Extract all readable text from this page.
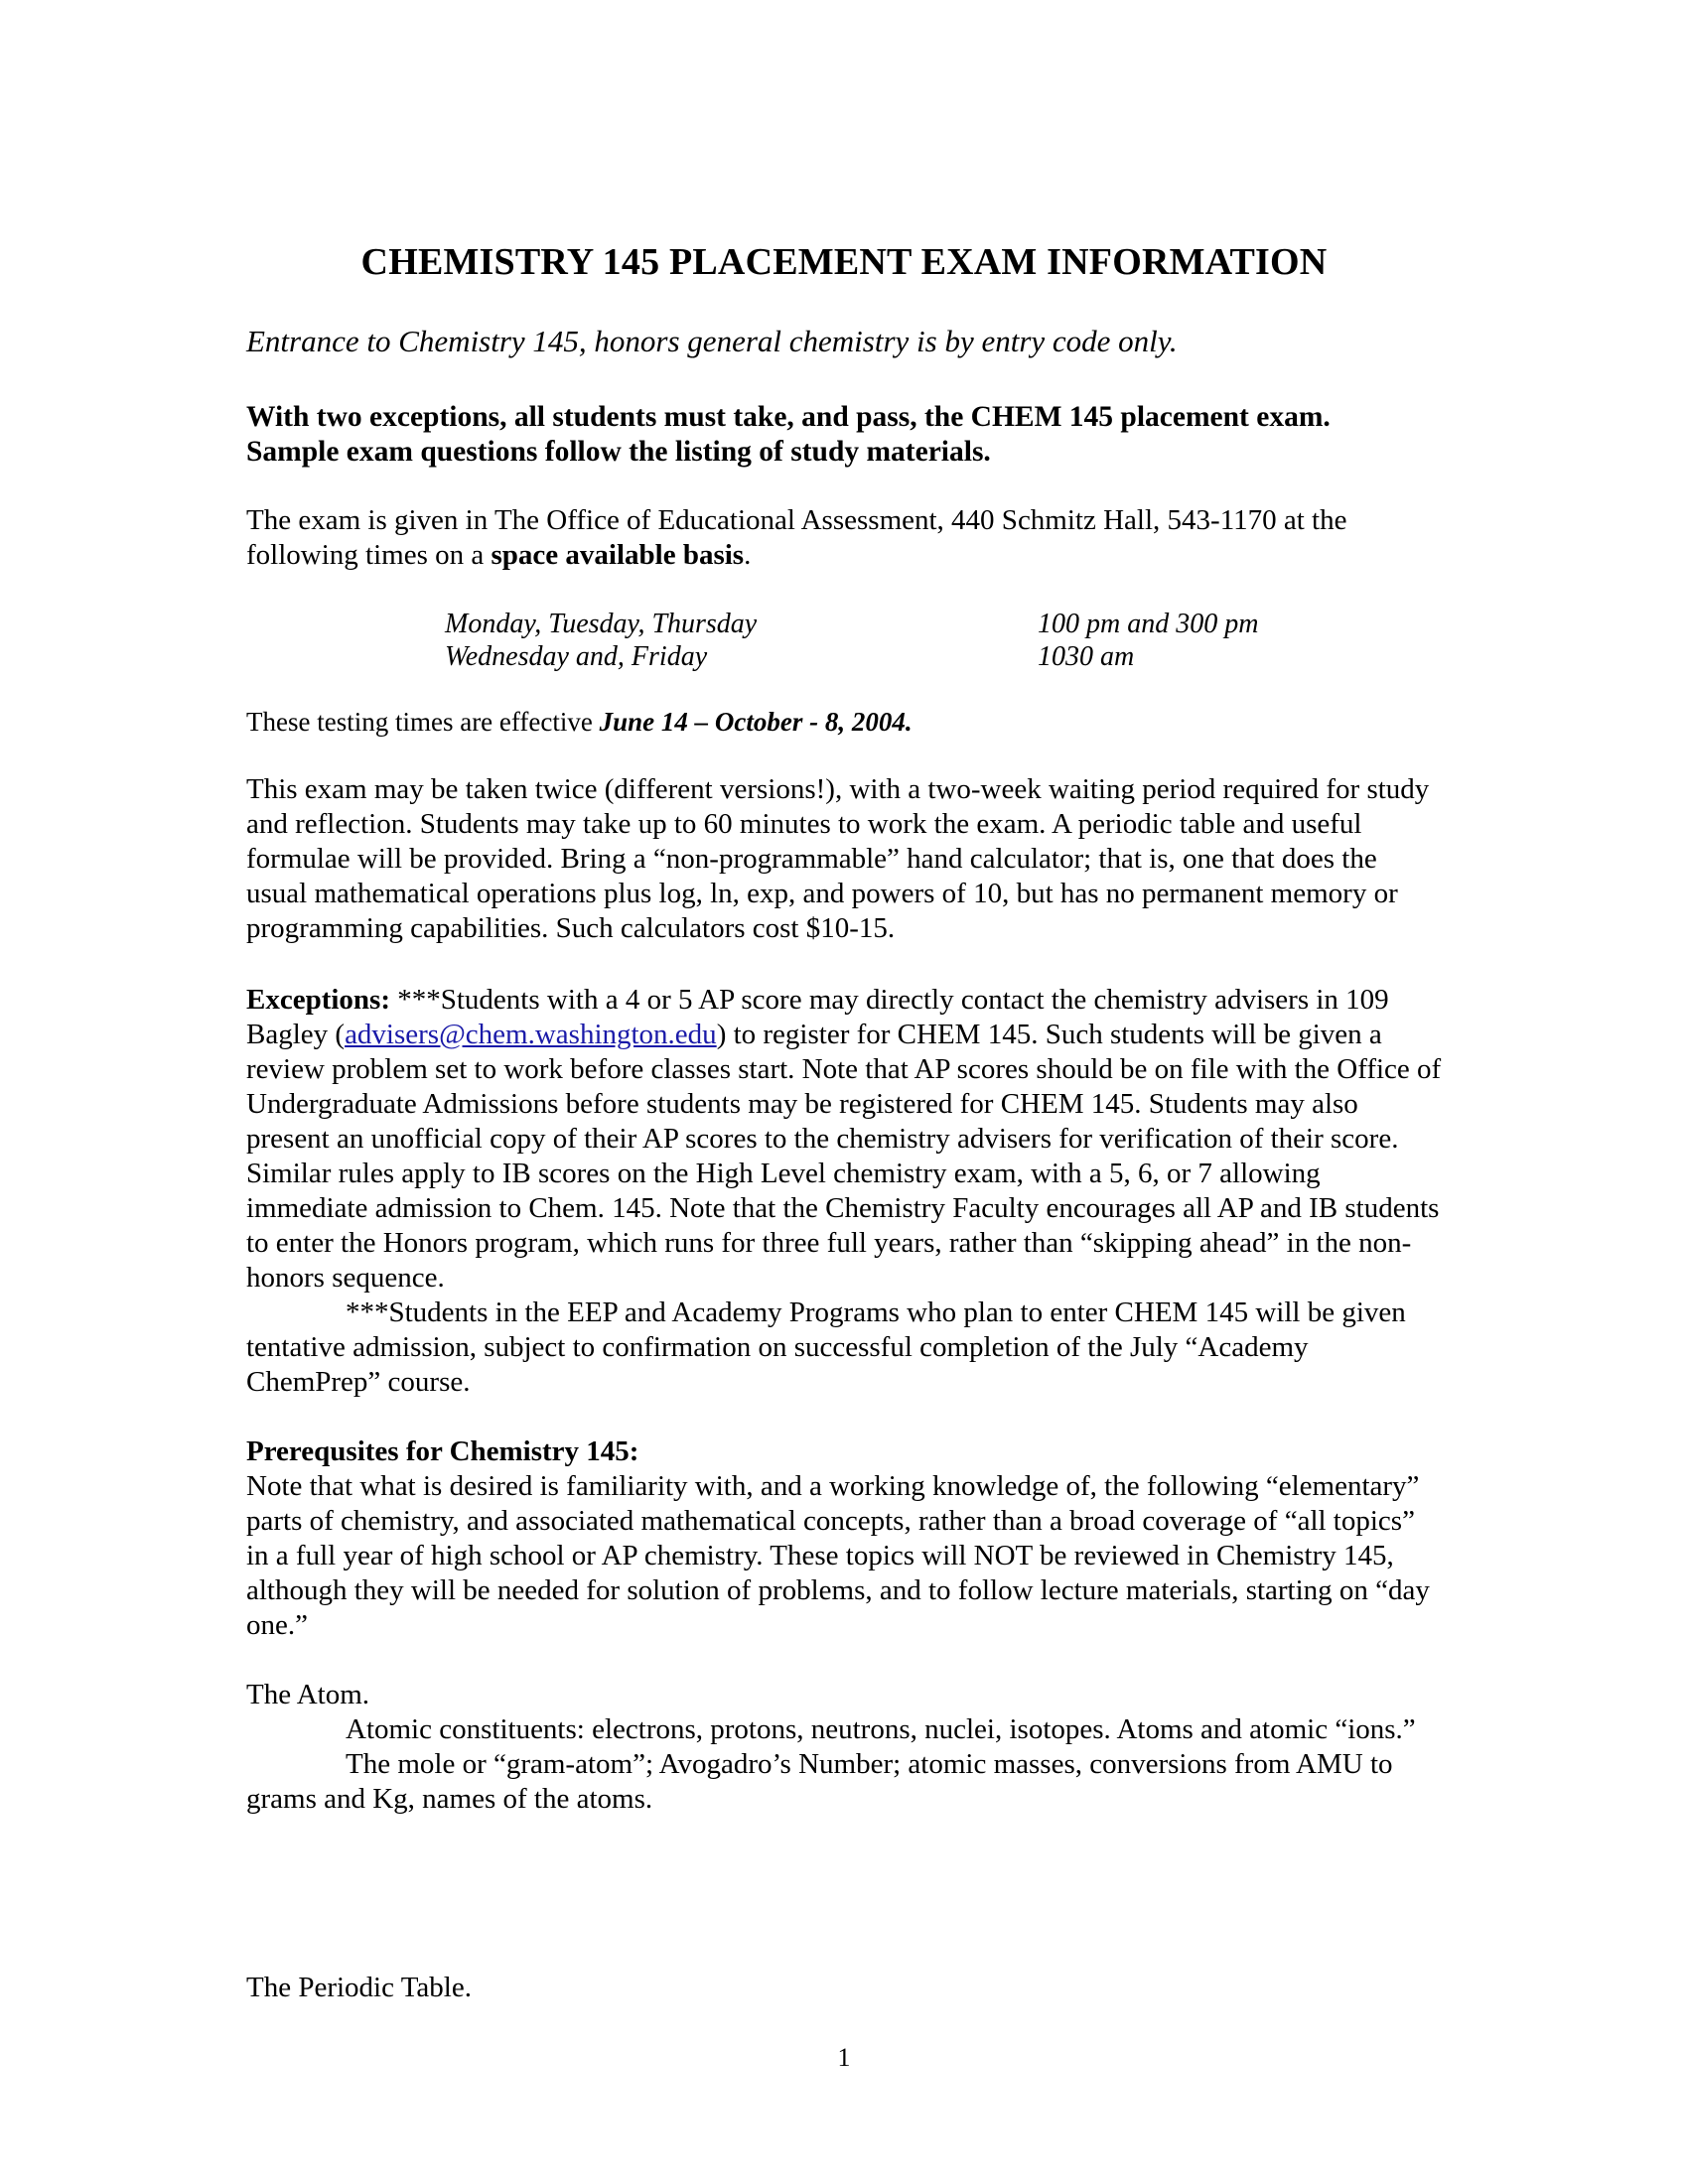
CHEMISTRY 145 PLACEMENT EXAM INFORMATION

Entrance to Chemistry 145, honors general chemistry is by entry code only.

With two exceptions, all students must take, and pass, the CHEM 145 placement exam.

Sample exam questions follow the listing of study materials.

The exam is given in The Office of Educational Assessment, 440 Schmitz Hall, 543-1170 at the following times on a space available basis.

Monday, Tuesday, Thursday	100 pm and 300 pm
Wednesday and, Friday	1030 am

These testing times are effective June 14 – October - 8, 2004.

This exam may be taken twice (different versions!), with a two-week waiting period required for study and reflection. Students may take up to 60 minutes to work the exam. A periodic table and useful formulae will be provided. Bring a “non-programmable” hand calculator; that is, one that does the usual mathematical operations plus log, ln, exp, and powers of 10, but has no permanent memory or programming capabilities. Such calculators cost $10-15.

Exceptions: ***Students with a 4 or 5 AP score may directly contact the chemistry advisers in 109 Bagley (advisers@chem.washington.edu) to register for CHEM 145. Such students will be given a review problem set to work before classes start. Note that AP scores should be on file with the Office of Undergraduate Admissions before students may be registered for CHEM 145. Students may also present an unofficial copy of their AP scores to the chemistry advisers for verification of their score. Similar rules apply to IB scores on the High Level chemistry exam, with a 5, 6, or 7 allowing immediate admission to Chem. 145. Note that the Chemistry Faculty encourages all AP and IB students to enter the Honors program, which runs for three full years, rather than “skipping ahead” in the non-honors sequence.

***Students in the EEP and Academy Programs who plan to enter CHEM 145 will be given tentative admission, subject to confirmation on successful completion of the July “Academy ChemPrep” course.

Prerequsites for Chemistry 145:

Note that what is desired is familiarity with, and a working knowledge of, the following “elementary” parts of chemistry, and associated mathematical concepts, rather than a broad coverage of “all topics” in a full year of high school or AP chemistry. These topics will NOT be reviewed in Chemistry 145, although they will be needed for solution of problems, and to follow lecture materials, starting on “day one.”

The Atom.

Atomic constituents: electrons, protons, neutrons, nuclei, isotopes. Atoms and atomic “ions.”

The mole or “gram-atom”; Avogadro’s Number; atomic masses, conversions from AMU to grams and Kg, names of the atoms.

The Periodic Table.

1
